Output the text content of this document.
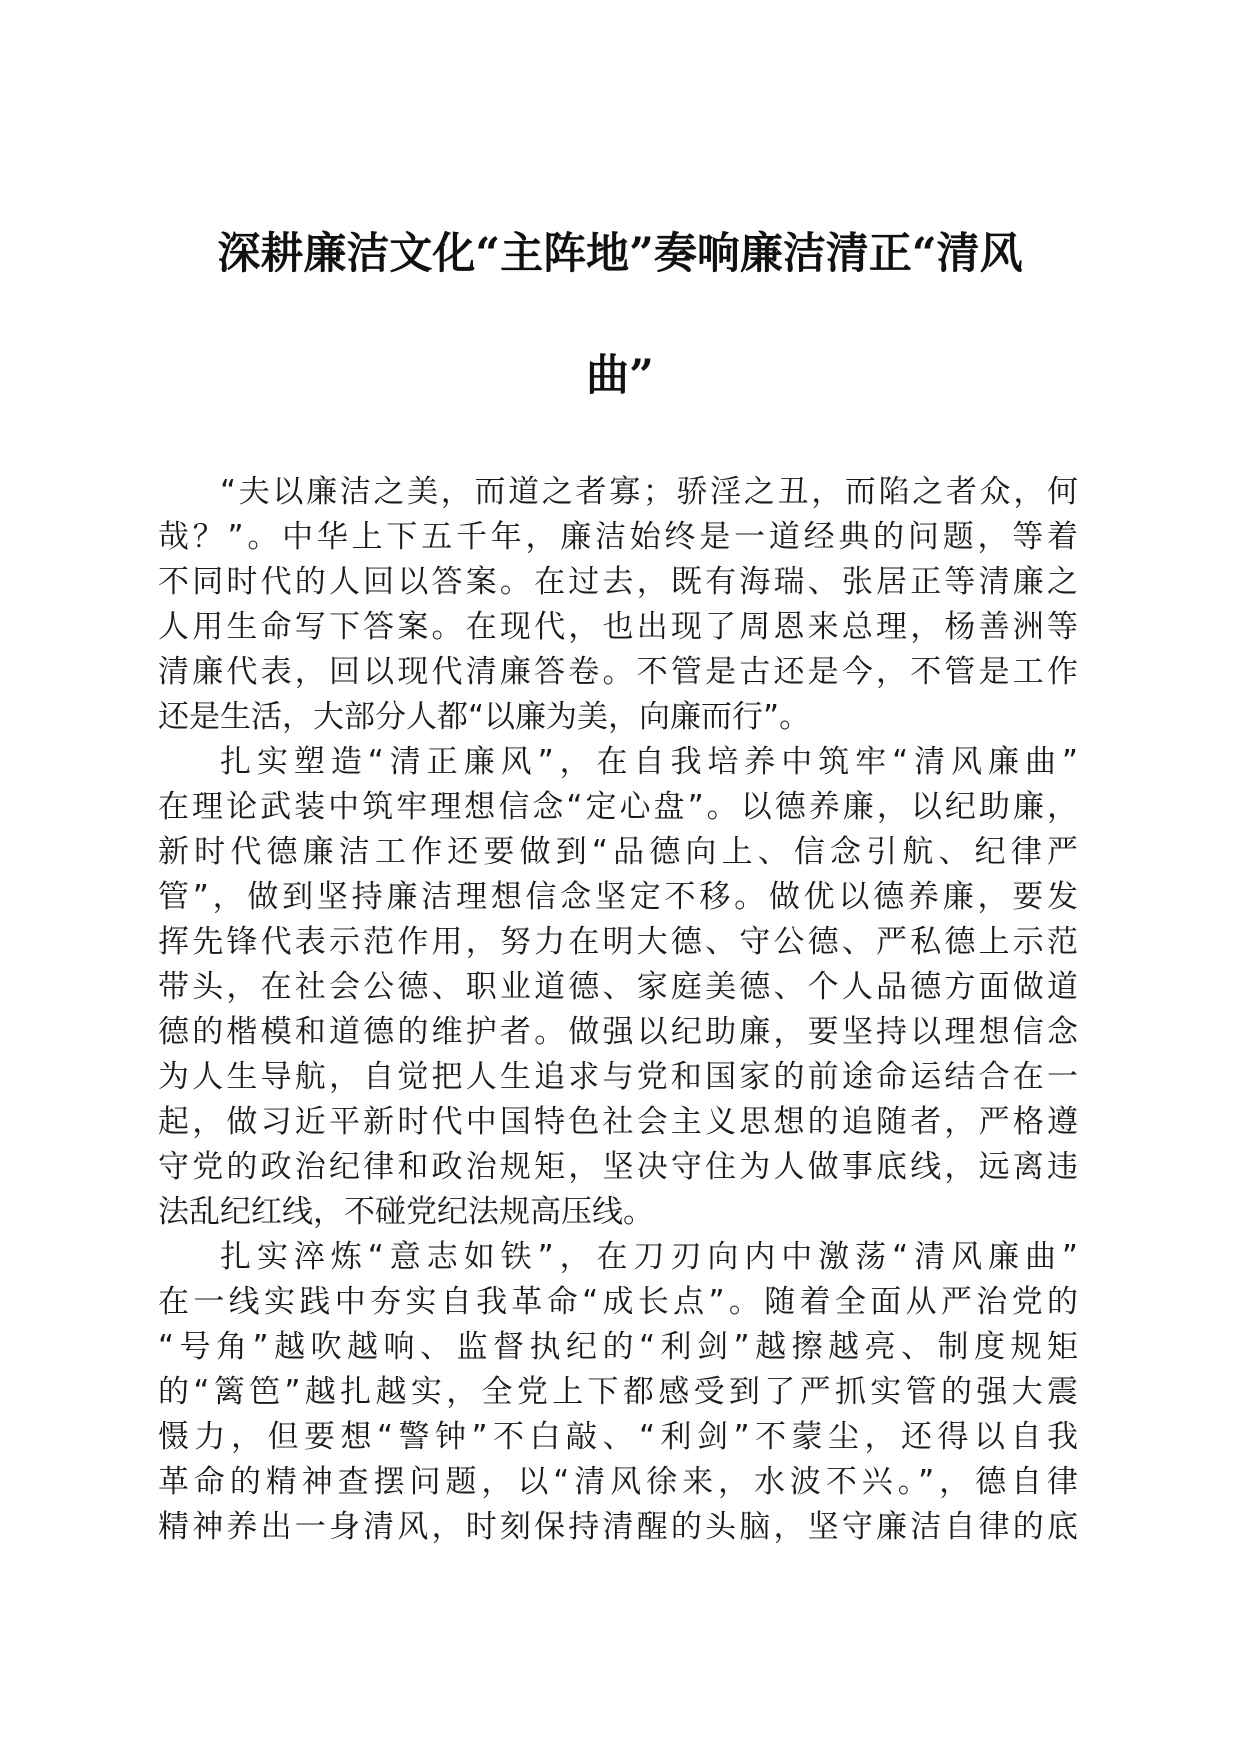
深耕廉洁文化“主阵地”奏响廉洁清正“清风
曲”
“夫以廉洁之美，而道之者寡；骄淫之丑，而陷之者众，何
哉？”。中华上下五千年，廉洁始终是一道经典的问题，等着
不同时代的人回以答案。在过去，既有海瑞、张居正等清廉之
人用生命写下答案。在现代，也出现了周恩来总理，杨善洲等
清廉代表，回以现代清廉答卷。不管是古还是今，不管是工作
还是生活，大部分人都“以廉为美，向廉而行”。
扎实塑造“清正廉风”，在自我培养中筑牢“清风廉曲”
在理论武装中筑牢理想信念“定心盘”。以德养廉，以纪助廉，
新时代德廉洁工作还要做到“品德向上、信念引航、纪律严
管”，做到坚持廉洁理想信念坚定不移。做优以德养廉，要发
挥先锋代表示范作用，努力在明大德、守公德、严私德上示范
带头，在社会公德、职业道德、家庭美德、个人品德方面做道
德的楷模和道德的维护者。做强以纪助廉，要坚持以理想信念
为人生导航，自觉把人生追求与党和国家的前途命运结合在一
起，做习近平新时代中国特色社会主义思想的追随者，严格遵
守党的政治纪律和政治规矩，坚决守住为人做事底线，远离违
法乱纪红线，不碰党纪法规高压线。
扎实淬炼“意志如铁”，在刀刃向内中激荡“清风廉曲”
在一线实践中夯实自我革命“成长点”。随着全面从严治党的
“号角”越吹越响、监督执纪的“利剑”越擦越亮、制度规矩
的“篱笆”越扎越实，全党上下都感受到了严抓实管的强大震
慑力，但要想“警钟”不白敲、“利剑”不蒙尘，还得以自我
革命的精神查摆问题，以“清风徐来，水波不兴。”，德自律
精神养出一身清风，时刻保持清醒的头脑，坚守廉洁自律的底
